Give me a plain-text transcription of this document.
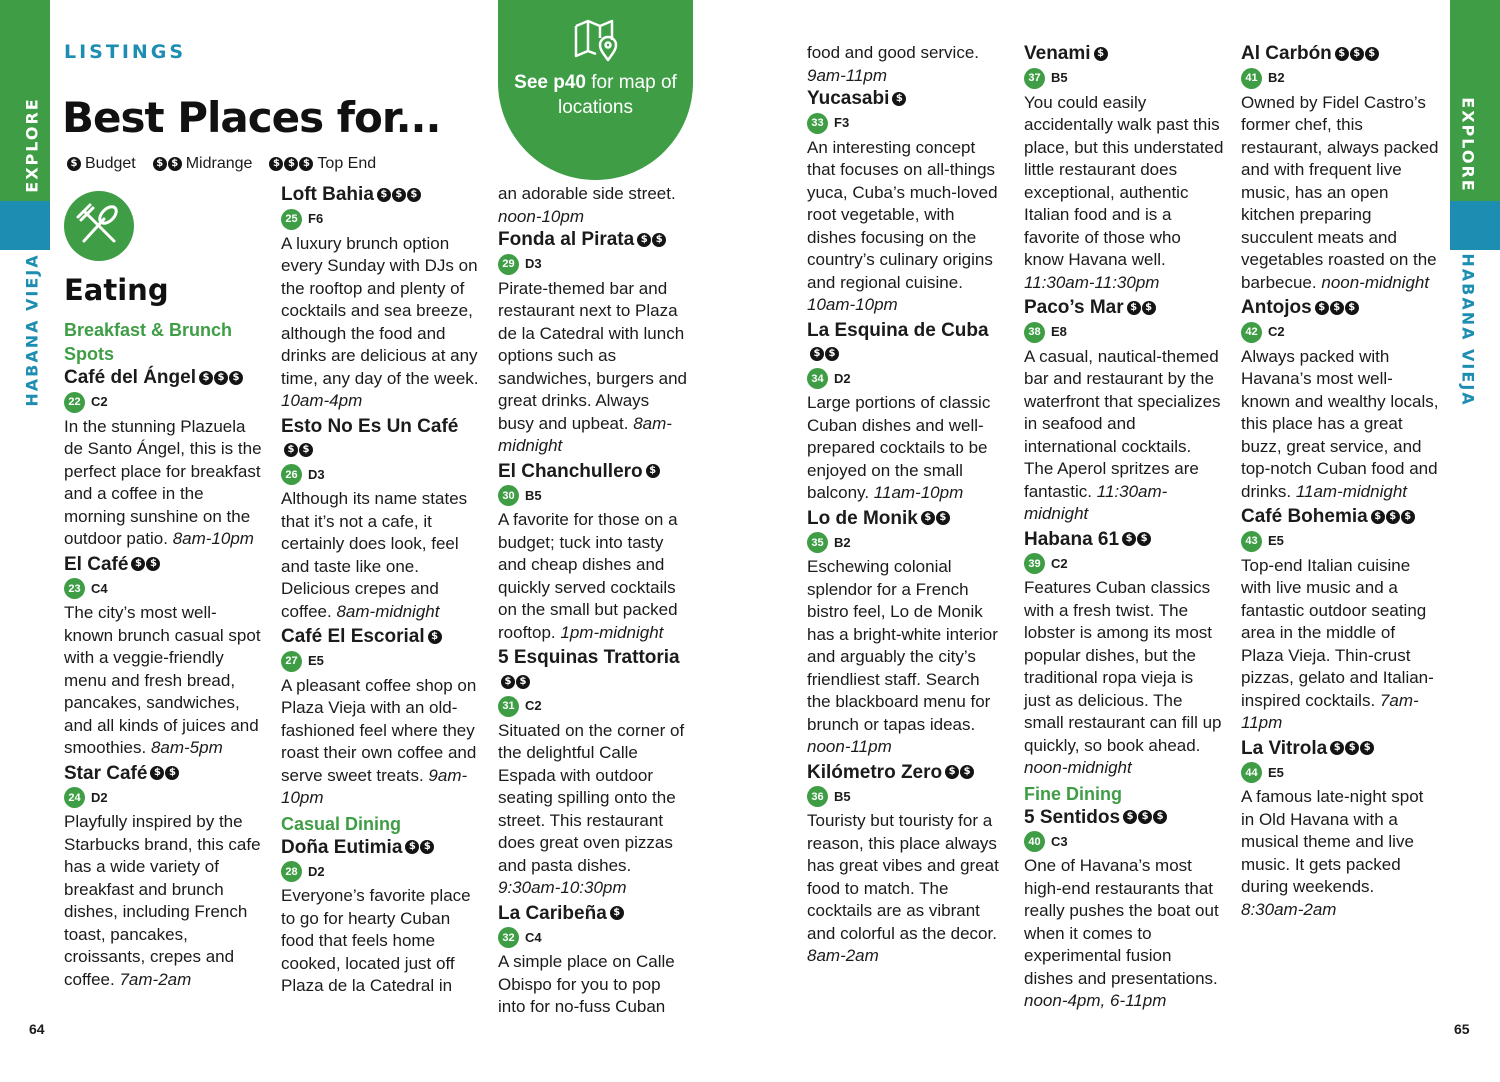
EXPLORE
HABANA VIEJA
EXPLORE
HABANA VIEJA
LISTINGS
Best Places for...
$ Budget	$ $ Midrange	$ $ $ Top End
See p40 for map of locations
Eating
Breakfast & Brunch Spots
Café del Ángel $ $ $
22 C2
In the stunning Plazuela de Santo Ángel, this is the perfect place for breakfast and a coffee in the morning sunshine on the outdoor patio. 8am-10pm
El Café $ $
23 C4
The city’s most well-known brunch casual spot with a veggie-friendly menu and fresh bread, pancakes, sandwiches, and all kinds of juices and smoothies. 8am-5pm
Star Café $ $
24 D2
Playfully inspired by the Starbucks brand, this cafe has a wide variety of breakfast and brunch dishes, including French toast, pancakes, croissants, crepes and coffee. 7am-2am
Loft Bahia $ $ $
25 F6
A luxury brunch option every Sunday with DJs on the rooftop and plenty of cocktails and sea breeze, although the food and drinks are delicious at any time, any day of the week. 10am-4pm
Esto No Es Un Café
$ $
26 D3
Although its name states that it’s not a cafe, it certainly does look, feel and taste like one. Delicious crepes and coffee. 8am-midnight
Café El Escorial $
27 E5
A pleasant coffee shop on Plaza Vieja with an old-fashioned feel where they roast their own coffee and serve sweet treats. 9am-10pm
Casual Dining
Doña Eutimia $ $
28 D2
Everyone’s favorite place to go for hearty Cuban food that feels home cooked, located just off Plaza de la Catedral in
an adorable side street.
noon-10pm
Fonda al Pirata $ $
29 D3
Pirate-themed bar and restaurant next to Plaza de la Catedral with lunch options such as sandwiches, burgers and great drinks. Always busy and upbeat. 8am-midnight
El Chanchullero $
30 B5
A favorite for those on a budget; tuck into tasty and cheap dishes and quickly served cocktails on the small but packed rooftop. 1pm-midnight
5 Esquinas Trattoria
$ $
31 C2
Situated on the corner of the delightful Calle Espada with outdoor seating spilling onto the street. This restaurant does great oven pizzas and pasta dishes. 9:30am-10:30pm
La Caribeña $
32 C4
A simple place on Calle Obispo for you to pop into for no-fuss Cuban
food and good service.
9am-11pm
Yucasabi $
33 F3
An interesting concept that focuses on all-things yuca, Cuba’s much-loved root vegetable, with dishes focusing on the country’s culinary origins and regional cuisine. 10am-10pm
La Esquina de Cuba
$ $
34 D2
Large portions of classic Cuban dishes and well-prepared cocktails to be enjoyed on the small balcony. 11am-10pm
Lo de Monik $ $
35 B2
Eschewing colonial splendor for a French bistro feel, Lo de Monik has a bright-white interior and arguably the city’s friendliest staff. Search the blackboard menu for brunch or tapas ideas. noon-11pm
Kilómetro Zero $ $
36 B5
Touristy but touristy for a reason, this place always has great vibes and great food to match. The cocktails are as vibrant and colorful as the decor. 8am-2am
Venami $
37 B5
You could easily accidentally walk past this place, but this understated little restaurant does exceptional, authentic Italian food and is a favorite of those who know Havana well. 11:30am-11:30pm
Paco’s Mar $ $
38 E8
A casual, nautical-themed bar and restaurant by the waterfront that specializes in seafood and international cocktails. The Aperol spritzes are fantastic. 11:30am-midnight
Habana 61 $ $
39 C2
Features Cuban classics with a fresh twist. The lobster is among its most popular dishes, but the traditional ropa vieja is just as delicious. The small restaurant can fill up quickly, so book ahead. noon-midnight
Fine Dining
5 Sentidos $ $ $
40 C3
One of Havana’s most high-end restaurants that really pushes the boat out when it comes to experimental fusion dishes and presentations. noon-4pm, 6-11pm
Al Carbón $ $ $
41 B2
Owned by Fidel Castro’s former chef, this restaurant, always packed and with frequent live music, has an open kitchen preparing succulent meats and vegetables roasted on the barbecue. noon-midnight
Antojos $ $ $
42 C2
Always packed with Havana’s most well-known and wealthy locals, this place has a great buzz, great service, and top-notch Cuban food and drinks. 11am-midnight
Café Bohemia $ $ $
43 E5
Top-end Italian cuisine with live music and a fantastic outdoor seating area in the middle of Plaza Vieja. Thin-crust pizzas, gelato and Italian-inspired cocktails. 7am-11pm
La Vitrola $ $ $
44 E5
A famous late-night spot in Old Havana with a musical theme and live music. It gets packed during weekends. 8:30am-2am
64	65
